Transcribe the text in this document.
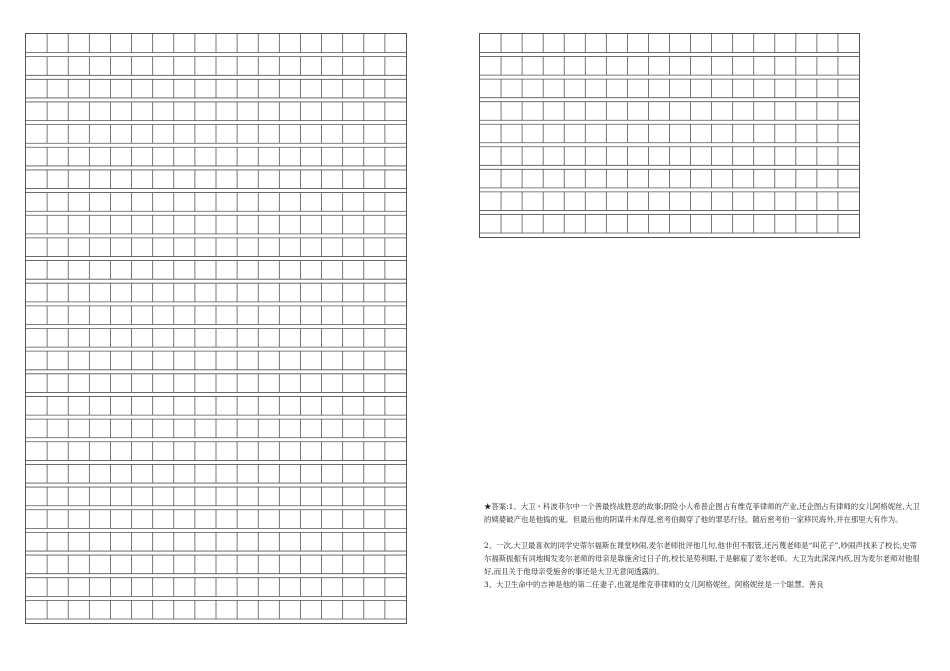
★答案:1、大卫・科波菲尔中一个善最终战胜恶的故事;阴险小人希普企图占有维克菲律师的产业,还企图占有律师的女儿阿格妮丝,大卫的姨婆破产也是他捣的鬼。但最后他的阴谋并未得逞,密考伯揭穿了他的罪恶行径。随后密考伯一家移民海外,并在那里大有作为。

2、一次,大卫最喜欢的同学史蒂尔福斯在课堂吵闹,麦尔老师批评他几句,他非但不服管,还污蔑老师是“叫花子”,吵闹声找来了校长,史蒂尔福斯振振有词地揭发麦尔老师的母亲是靠施舍过日子的,校长是势利眼,于是解雇了麦尔老师。大卫为此深深内疚,因为麦尔老师对他很好,而且关于他母亲受施舍的事还是大卫无意间透露的。

3、大卫生命中的吉神是他的第二任妻子,也就是维克菲律师的女儿阿格妮丝。阿格妮丝是一个聪慧、善良
